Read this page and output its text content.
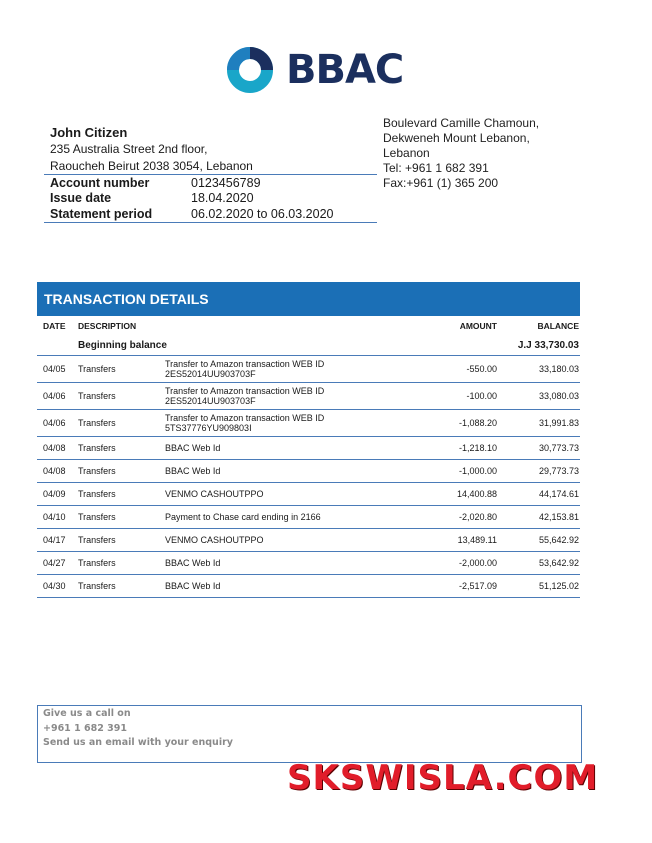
BBAC
John Citizen
235 Australia Street 2nd floor,
Raoucheh Beirut 2038 3054, Lebanon
Account number	0123456789
Issue date	18.04.2020
Statement period	06.02.2020 to 06.03.2020
Boulevard Camille Chamoun,
Dekweneh Mount Lebanon,
Lebanon
Tel: +961 1 682 391
Fax:+961 (1) 365 200
TRANSACTION DETAILS
DATE	DESCRIPTION	AMOUNT	BALANCE
Beginning balance	J.J 33,730.03
04/05	Transfers	Transfer to Amazon transaction WEB ID
2ES52014UU903703F	-550.00	33,180.03
04/06	Transfers	Transfer to Amazon transaction WEB ID
2ES52014UU903703F	-100.00	33,080.03
04/06	Transfers	Transfer to Amazon transaction WEB ID
5TS37776YU909803I	-1,088.20	31,991.83
04/08	Transfers	BBAC Web Id	-1,218.10	30,773.73
04/08	Transfers	BBAC Web Id	-1,000.00	29,773.73
04/09	Transfers	VENMO CASHOUTPPO	14,400.88	44,174.61
04/10	Transfers	Payment to Chase card ending in 2166	-2,020.80	42,153.81
04/17	Transfers	VENMO CASHOUTPPO	13,489.11	55,642.92
04/27	Transfers	BBAC Web Id	-2,000.00	53,642.92
04/30	Transfers	BBAC Web Id	-2,517.09	51,125.02
Give us a call on
+961 1 682 391
Send us an email with your enquiry
SKSWISLA.COM
